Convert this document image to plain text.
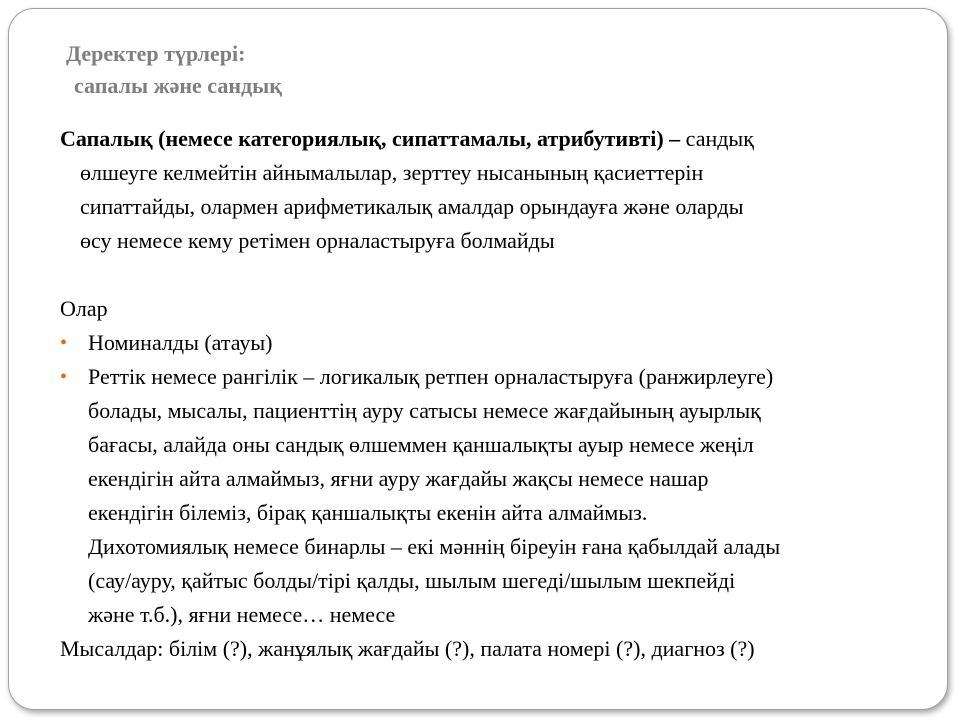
Деректер түрлері:
сапалы және сандық

Сапалық (немесе категориялық, сипаттамалы, атрибутивті) – сандық
өлшеуге келмейтін айнымалылар, зерттеу нысанының қасиеттерін
сипаттайды, олармен арифметикалық амалдар орындауға және оларды
өсу немесе кему ретімен орналастыруға болмайды

Олар

• Номиналды (атауы)
• Реттік немесе рангілік – логикалық ретпен орналастыруға (ранжирлеуге)
болады, мысалы, пациенттің ауру сатысы немесе жағдайының ауырлық
бағасы, алайда оны сандық өлшеммен қаншалықты ауыр немесе жеңіл
екендігін айта алмаймыз, яғни ауру жағдайы жақсы немесе нашар
екендігін білеміз, бірақ қаншалықты екенін айта алмаймыз.
Дихотомиялық немесе бинарлы – екі мәннің біреуін ғана қабылдай алады
(сау/ауру, қайтыс болды/тірі қалды, шылым шегеді/шылым шекпейді
және т.б.), яғни немесе… немесе

Мысалдар: білім (?), жанұялық жағдайы (?), палата номері (?), диагноз (?)
